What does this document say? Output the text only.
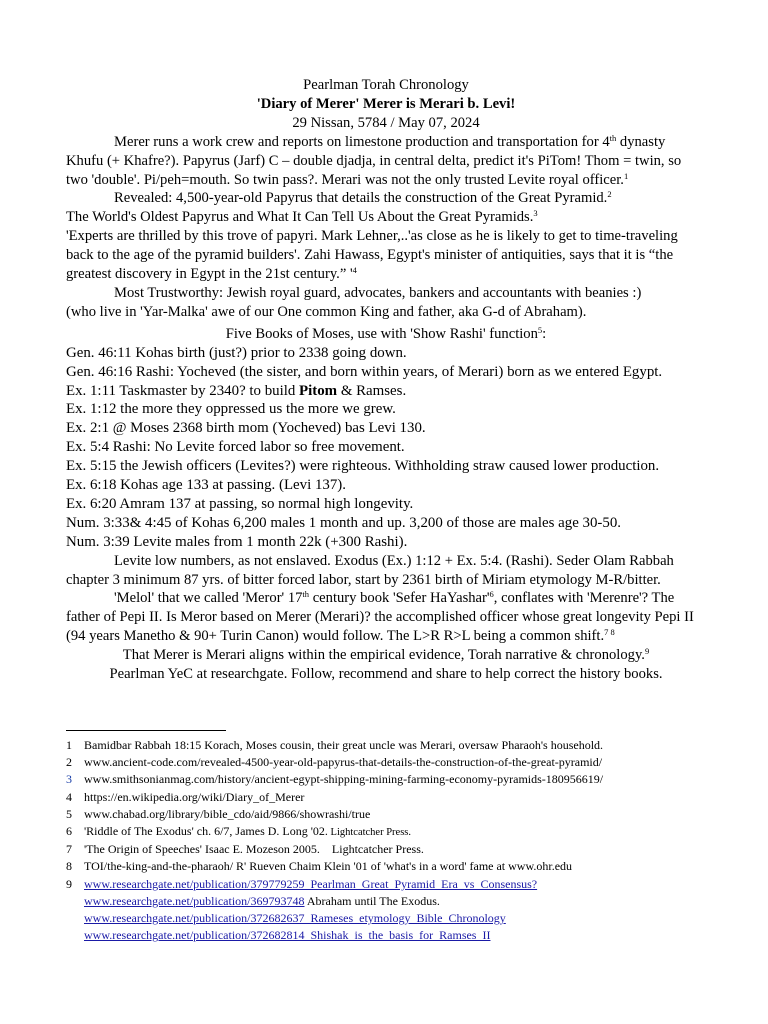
Pearlman Torah Chronology

'Diary of Merer' Merer is Merari b. Levi!

29 Nissan, 5784 / May 07, 2024

Merer runs a work crew and reports on limestone production and transportation for 4th dynasty Khufu (+ Khafre?). Papyrus (Jarf) C – double djadja, in central delta, predict it's PiTom! Thom = twin, so two 'double'. Pi/peh=mouth. So twin pass?. Merari was not the only trusted Levite royal officer.$^1$

Revealed: 4,500-year-old Papyrus that details the construction of the Great Pyramid.$^2$

The World's Oldest Papyrus and What It Can Tell Us About the Great Pyramids.$^3$

'Experts are thrilled by this trove of papyri. Mark Lehner,..'as close as he is likely to get to time-traveling back to the age of the pyramid builders'. Zahi Hawass, Egypt's minister of antiquities, says that it is “the greatest discovery in Egypt in the 21st century.” '$^4$

Most Trustworthy: Jewish royal guard, advocates, bankers and accountants with beanies :)

(who live in 'Yar-Malka' awe of our One common King and father, aka G-d of Abraham).

Five Books of Moses, use with 'Show Rashi' function$^5$:

Gen. 46:11 Kohas birth (just?) prior to 2338 going down.

Gen. 46:16 Rashi: Yocheved (the sister, and born within years, of Merari) born as we entered Egypt.

Ex. 1:11 Taskmaster by 2340? to build Pitom & Ramses.

Ex. 1:12 the more they oppressed us the more we grew.

Ex. 2:1 @ Moses 2368 birth mom (Yocheved) bas Levi 130.

Ex. 5:4 Rashi: No Levite forced labor so free movement.

Ex. 5:15 the Jewish officers (Levites?) were righteous. Withholding straw caused lower production.

Ex. 6:18 Kohas age 133 at passing. (Levi 137).

Ex. 6:20 Amram 137 at passing, so normal high longevity.

Num. 3:33& 4:45 of Kohas 6,200 males 1 month and up. 3,200 of those are males age 30-50.

Num. 3:39 Levite males from 1 month 22k (+300 Rashi).

Levite low numbers, as not enslaved. Exodus (Ex.) 1:12 + Ex. 5:4. (Rashi). Seder Olam Rabbah chapter 3 minimum 87 yrs. of bitter forced labor, start by 2361 birth of Miriam etymology M-R/bitter.

'Melol' that we called 'Meror' 17th century book 'Sefer $HaYashar'^6$, conflates with 'Merenre'? The father of Pepi II. Is Meror based on Merer (Merari)? the accomplished officer whose great longevity Pepi II (94 years Manetho & 90+ Turin Canon) would follow. The L>R R>L being a common shift.$^{7 8}$

That Merer is Merari aligns within the empirical evidence, Torah narrative & chronology.$^9$

Pearlman YeC at researchgate. Follow, recommend and share to help correct the history books.

1	Bamidbar Rabbah 18:15 Korach, Moses cousin, their great uncle was Merari, oversaw Pharaoh's household.
2	www.ancient-code.com/revealed-4500-year-old-papyrus-that-details-the-construction-of-the-great-pyramid/
3	www.smithsonianmag.com/history/ancient-egypt-shipping-mining-farming-economy-pyramids-180956619/
4	https://en.wikipedia.org/wiki/Diary_of_Merer
5	www.chabad.org/library/bible_cdo/aid/9866/showrashi/true
6	'Riddle of The Exodus' ch. 6/7, James D. Long '02. Lightcatcher Press.
7	'The Origin of Speeches' Isaac E. Mozeson 2005.    Lightcatcher Press.
8	TOI/the-king-and-the-pharaoh/ R' Rueven Chaim Klein '01 of 'what's in a word' fame at www.ohr.edu
9	www.researchgate.net/publication/379779259_Pearlman_Great_Pyramid_Era_vs_Consensus?
www.researchgate.net/publication/369793748 Abraham until The Exodus.
www.researchgate.net/publication/372682637_Rameses_etymology_Bible_Chronology
www.researchgate.net/publication/372682814_Shishak_is_the_basis_for_Ramses_II
